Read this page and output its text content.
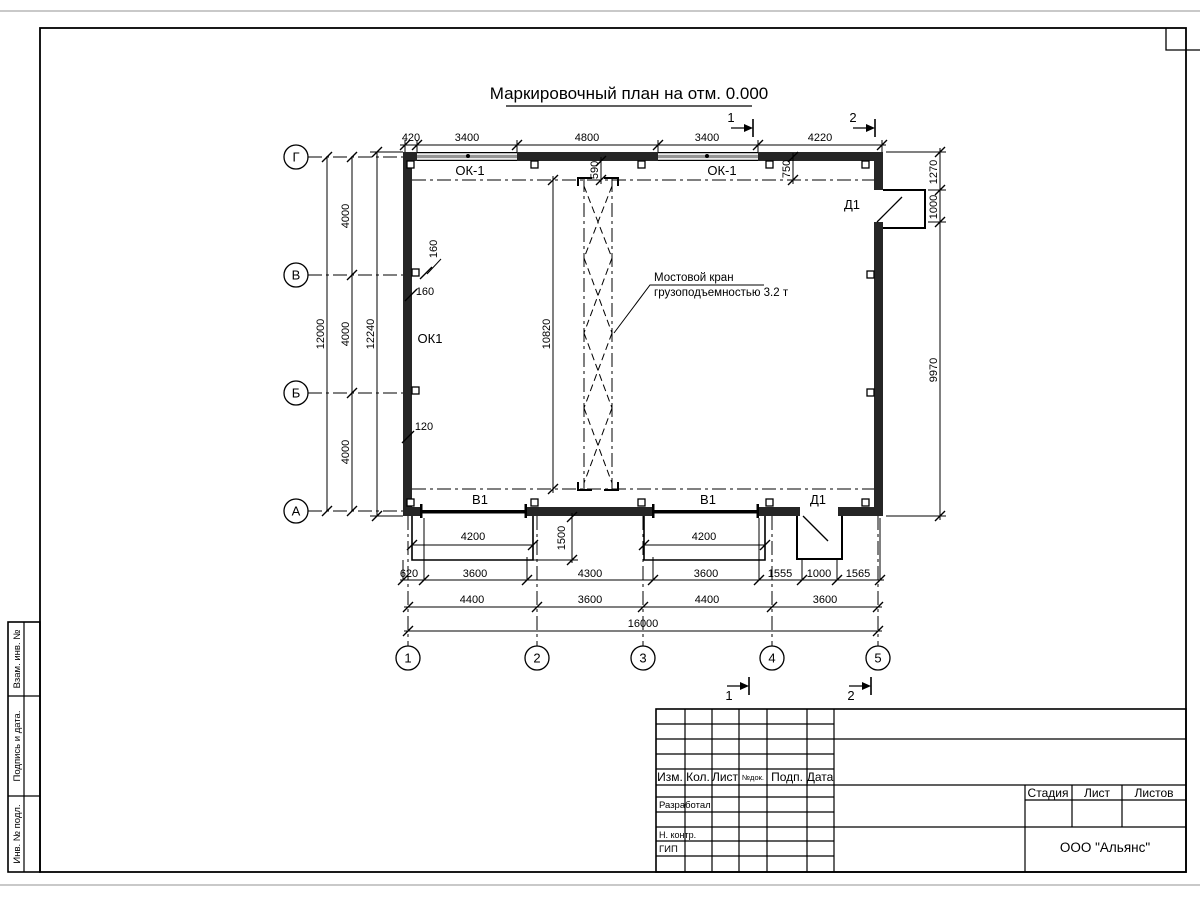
Маркировочный план на отм. 0.000
1	2
1	2
Г
В
Б
А
1	2	3	4	5
420	3400	4800	3400	4220
12000
4000
4000
4000
12240
1270
1000
9970
10820
590	750
160
160
120
4200	4200
1500
620	3600	4300	3600	1555 1000 1565
4400	3600	4400	3600
16000
ОК-1	ОК-1
ОК1
Д1
Д1
В1	В1
Мостовой кран
грузоподъемностью 3.2 т
Изм. Кол. Лист №док. Подп. Дата
Разработал
Н. контр.
ГИП
Стадия Лист Листов
ООО "Альянс"
Взам. инв. №
Подпись и дата.
Инв. № подл.
